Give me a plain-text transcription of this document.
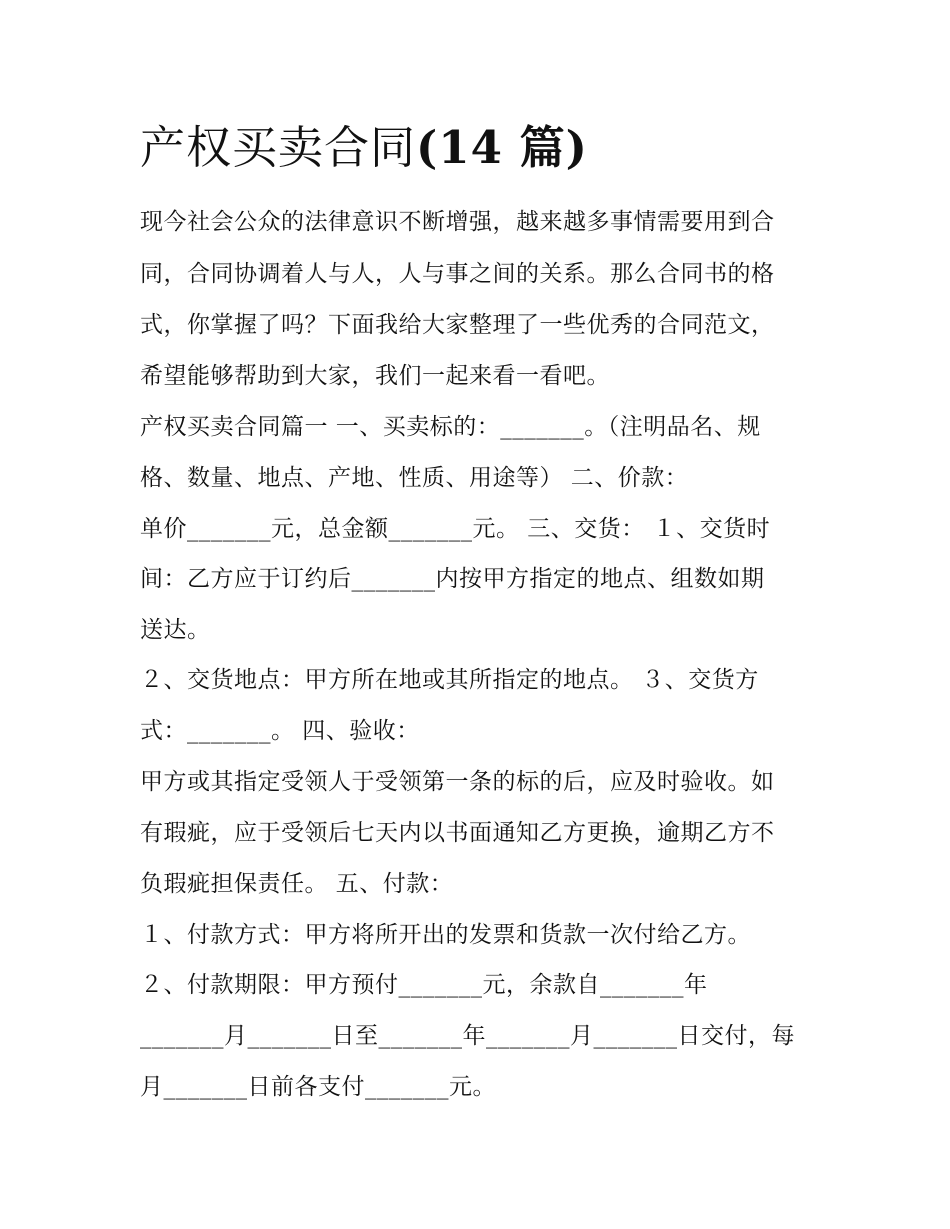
产权买卖合同(14 篇)
现今社会公众的法律意识不断增强，越来越多事情需要用到合
同，合同协调着人与人，人与事之间的关系。那么合同书的格
式，你掌握了吗？下面我给大家整理了一些优秀的合同范文，
希望能够帮助到大家，我们一起来看一看吧。
产权买卖合同篇一 一、买卖标的：_______。（注明品名、规
格、数量、地点、产地、性质、用途等） 二、价款：
单价_______元，总金额_______元。 三、交货： １、交货时
间：乙方应于订约后_______内按甲方指定的地点、组数如期
送达。
２、交货地点：甲方所在地或其所指定的地点。 ３、交货方
式：_______。 四、验收：
甲方或其指定受领人于受领第一条的标的后，应及时验收。如
有瑕疵，应于受领后七天内以书面通知乙方更换，逾期乙方不
负瑕疵担保责任。 五、付款：
１、付款方式：甲方将所开出的发票和货款一次付给乙方。
２、付款期限：甲方预付_______元，余款自_______年
_______月_______日至_______年_______月_______日交付，每
月_______日前各支付_______元。
